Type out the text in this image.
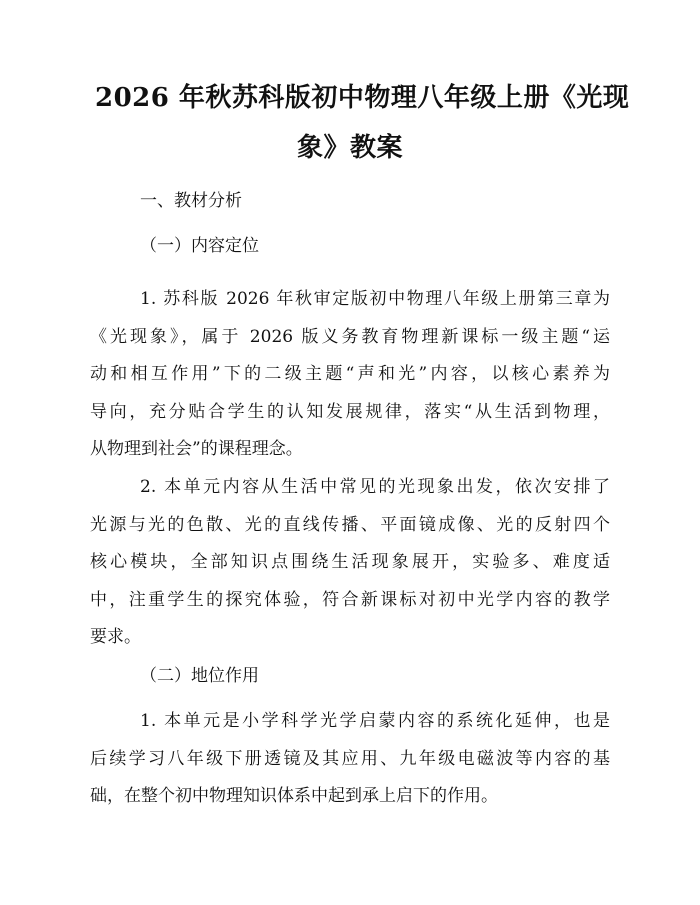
2026 年秋苏科版初中物理八年级上册《光现
象》教案
一、教材分析
（一）内容定位
1. 苏科版 2026 年秋审定版初中物理八年级上册第三章为
《光现象》，属于 2026 版义务教育物理新课标一级主题“运
动和相互作用”下的二级主题“声和光”内容，以核心素养为
导向，充分贴合学生的认知发展规律，落实“从生活到物理，
从物理到社会”的课程理念。
2. 本单元内容从生活中常见的光现象出发，依次安排了
光源与光的色散、光的直线传播、平面镜成像、光的反射四个
核心模块，全部知识点围绕生活现象展开，实验多、难度适
中，注重学生的探究体验，符合新课标对初中光学内容的教学
要求。
（二）地位作用
1. 本单元是小学科学光学启蒙内容的系统化延伸，也是
后续学习八年级下册透镜及其应用、九年级电磁波等内容的基
础，在整个初中物理知识体系中起到承上启下的作用。
